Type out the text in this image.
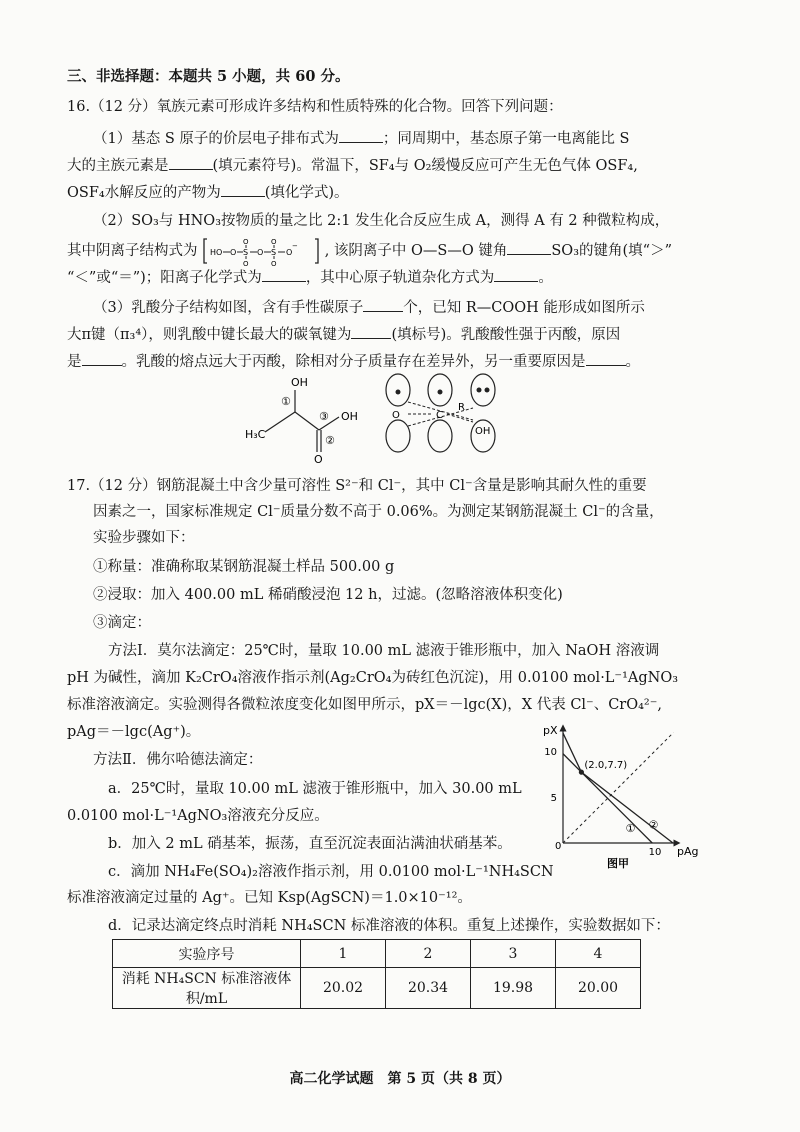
三、非选择题：本题共 5 小题，共 60 分。
16.（12 分）氧族元素可形成许多结构和性质特殊的化合物。回答下列问题：
（1）基态 S 原子的价层电子排布式为	；同周期中，基态原子第一电离能比 S
大的主族元素是	(填元素符号)。常温下，SF₄与 O₂缓慢反应可产生无色气体 OSF₄,
OSF₄水解反应的产物为	(填化学式)。
（2）SO₃与 HNO₃按物质的量之比 2:1 发生化合反应生成 A，测得 A 有 2 种微粒构成，
其中阴离子结构式为 HO O S
O
O
O S
O
O
O
− , 该阴离子中 O—S—O 键角	SO₃的键角(填“＞”
“＜”或“＝”)；阳离子化学式为	，其中心原子轨道杂化方式为	。
（3）乳酸分子结构如图，含有手性碳原子	个，已知 R—COOH 能形成如图所示
大π键（π₃⁴），则乳酸中键长最大的碳氧键为	(填标号)。乳酸酸性强于丙酸，原因
是	。乳酸的熔点远大于丙酸，除相对分子质量存在差异外，另一重要原因是	。
OH
①
H₃C
③ OH
②
O
O	C
R
OH
17.（12 分）钢筋混凝土中含少量可溶性 S²⁻和 Cl⁻，其中 Cl⁻含量是影响其耐久性的重要
因素之一，国家标准规定 Cl⁻质量分数不高于 0.06%。为测定某钢筋混凝土 Cl⁻的含量，
实验步骤如下：
①称量：准确称取某钢筋混凝土样品 500.00 g
②浸取：加入 400.00 mL 稀硝酸浸泡 12 h，过滤。(忽略溶液体积变化)
③滴定：
方法Ⅰ．莫尔法滴定：25℃时，量取 10.00 mL 滤液于锥形瓶中，加入 NaOH 溶液调
pH 为碱性，滴加 K₂CrO₄溶液作指示剂(Ag₂CrO₄为砖红色沉淀)，用 0.0100 mol·L⁻¹AgNO₃
标准溶液滴定。实验测得各微粒浓度变化如图甲所示，pX＝－lgc(X)，X 代表 Cl⁻、CrO₄²⁻,
pAg＝－lgc(Ag⁺)。
方法Ⅱ．佛尔哈德法滴定：
a．25℃时，量取 10.00 mL 滤液于锥形瓶中，加入 30.00 mL
0.0100 mol·L⁻¹AgNO₃溶液充分反应。
b．加入 2 mL 硝基苯，振荡，直至沉淀表面沾满油状硝基苯。
c．滴加 NH₄Fe(SO₄)₂溶液作指示剂，用 0.0100 mol·L⁻¹NH₄SCN
标准溶液滴定过量的 Ag⁺。已知 Ksp(AgSCN)＝1.0×10⁻¹²。
d．记录达滴定终点时消耗 NH₄SCN 标准溶液的体积。重复上述操作，实验数据如下：
pX
pAg
0
10
5
10
图甲
(2.0,7.7)
① ②
实验序号	1	2	3	4
消耗 NH₄SCN 标准溶液体积/mL	20.02	20.34	19.98	20.00
高二化学试题　第 5 页（共 8 页）
